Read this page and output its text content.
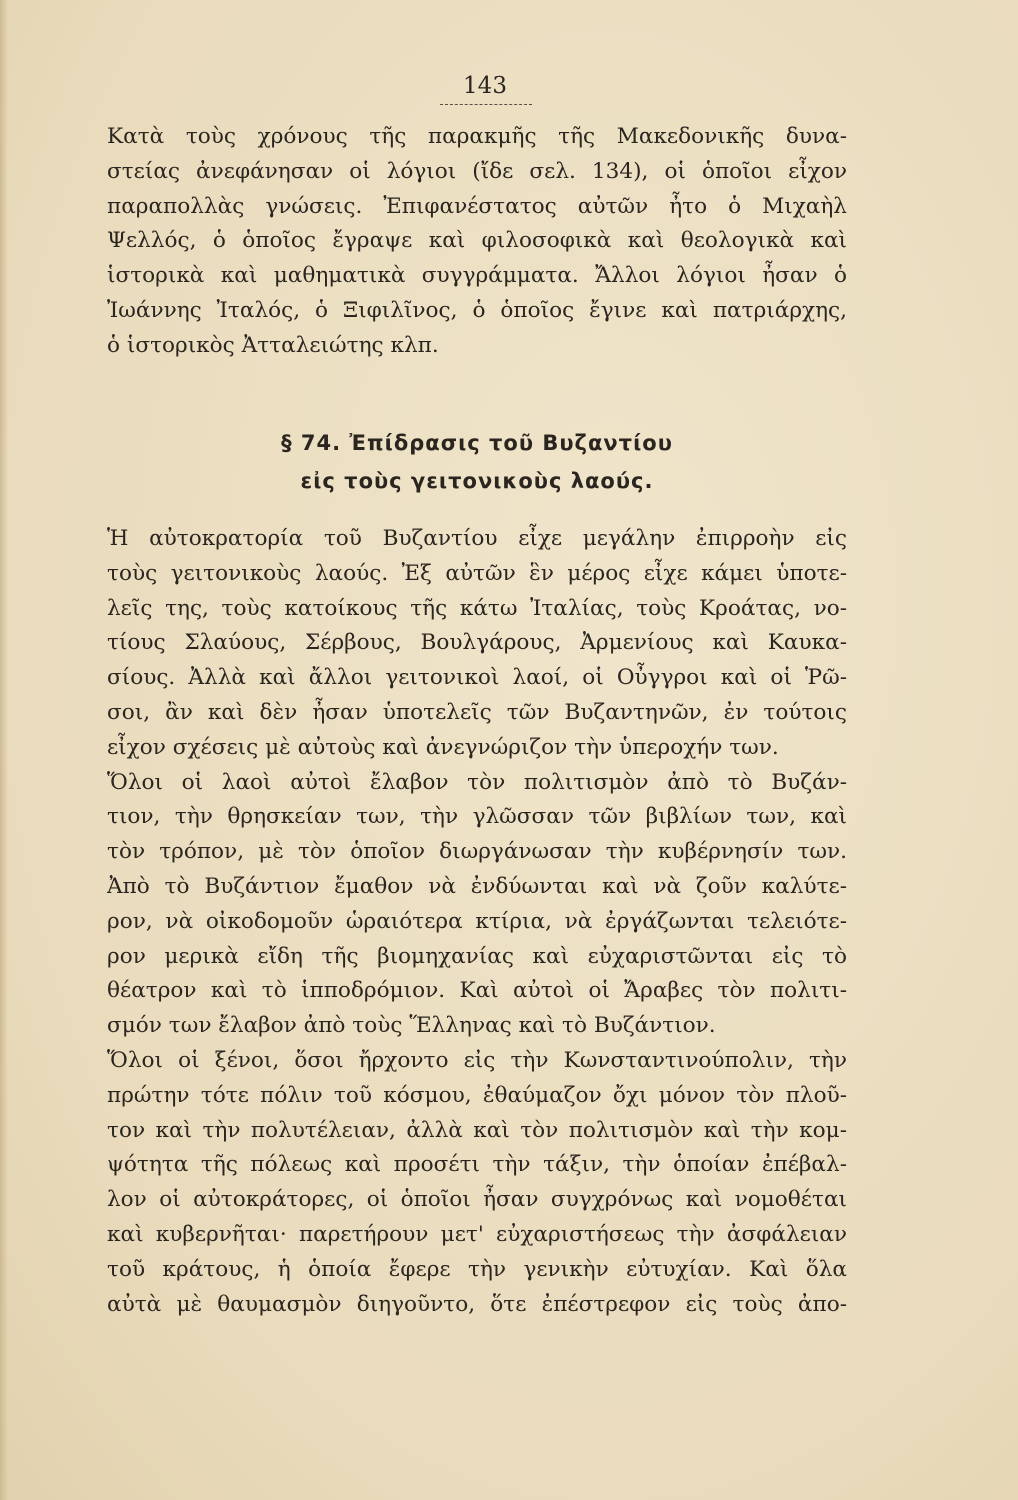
143
Κατὰ τοὺς χρόνους τῆς παρακμῆς τῆς Μακεδονικῆς δυνα-
στείας ἀνεφάνησαν οἱ λόγιοι (ἴδε σελ. 134), οἱ ὁποῖοι εἶχον
παραπολλὰς γνώσεις. Ἐπιφανέστατος αὐτῶν ἦτο ὁ Μιχαὴλ
Ψελλός, ὁ ὁποῖος ἔγραψε καὶ φιλοσοφικὰ καὶ θεολογικὰ καὶ
ἱστορικὰ καὶ μαθηματικὰ συγγράμματα. Ἄλλοι λόγιοι ἦσαν ὁ
Ἰωάννης Ἰταλός, ὁ Ξιφιλῖνος, ὁ ὁποῖος ἔγινε καὶ πατριάρχης,
ὁ ἱστορικὸς Ἀτταλειώτης κλπ.
§ 74. Ἐπίδρασις τοῦ Βυζαντίου
εἰς τοὺς γειτονικοὺς λαούς.
Ἡ αὐτοκρατορία τοῦ Βυζαντίου εἶχε μεγάλην ἐπιρροὴν εἰς
τοὺς γειτονικοὺς λαούς. Ἐξ αὐτῶν ἓν μέρος εἶχε κάμει ὑποτε-
λεῖς της, τοὺς κατοίκους τῆς κάτω Ἰταλίας, τοὺς Κροάτας, νο-
τίους Σλαύους, Σέρβους, Βουλγάρους, Ἀρμενίους καὶ Καυκα-
σίους. Ἀλλὰ καὶ ἄλλοι γειτονικοὶ λαοί, οἱ Οὖγγροι καὶ οἱ Ῥῶ-
σοι, ἂν καὶ δὲν ἦσαν ὑποτελεῖς τῶν Βυζαντηνῶν, ἐν τούτοις
εἶχον σχέσεις μὲ αὐτοὺς καὶ ἀνεγνώριζον τὴν ὑπεροχήν των.
Ὅλοι οἱ λαοὶ αὐτοὶ ἔλαβον τὸν πολιτισμὸν ἀπὸ τὸ Βυζάν-
τιον, τὴν θρησκείαν των, τὴν γλῶσσαν τῶν βιβλίων των, καὶ
τὸν τρόπον, μὲ τὸν ὁποῖον διωργάνωσαν τὴν κυβέρνησίν των.
Ἀπὸ τὸ Βυζάντιον ἔμαθον νὰ ἐνδύωνται καὶ νὰ ζοῦν καλύτε-
ρον, νὰ οἰκοδομοῦν ὡραιότερα κτίρια, νὰ ἐργάζωνται τελειότε-
ρον μερικὰ εἴδη τῆς βιομηχανίας καὶ εὐχαριστῶνται εἰς τὸ
θέατρον καὶ τὸ ἱπποδρόμιον. Καὶ αὐτοὶ οἱ Ἄραβες τὸν πολιτι-
σμόν των ἔλαβον ἀπὸ τοὺς Ἕλληνας καὶ τὸ Βυζάντιον.
Ὅλοι οἱ ξένοι, ὅσοι ἤρχοντο εἰς τὴν Κωνσταντινούπολιν, τὴν
πρώτην τότε πόλιν τοῦ κόσμου, ἐθαύμαζον ὄχι μόνον τὸν πλοῦ-
τον καὶ τὴν πολυτέλειαν, ἀλλὰ καὶ τὸν πολιτισμὸν καὶ τὴν κομ-
ψότητα τῆς πόλεως καὶ προσέτι τὴν τάξιν, τὴν ὁποίαν ἐπέβαλ-
λον οἱ αὐτοκράτορες, οἱ ὁποῖοι ἦσαν συγχρόνως καὶ νομοθέται
καὶ κυβερνῆται· παρετήρουν μετ' εὐχαριστήσεως τὴν ἀσφάλειαν
τοῦ κράτους, ἡ ὁποία ἔφερε τὴν γενικὴν εὐτυχίαν. Καὶ ὅλα
αὐτὰ μὲ θαυμασμὸν διηγοῦντο, ὅτε ἐπέστρεφον εἰς τοὺς ἀπο-
